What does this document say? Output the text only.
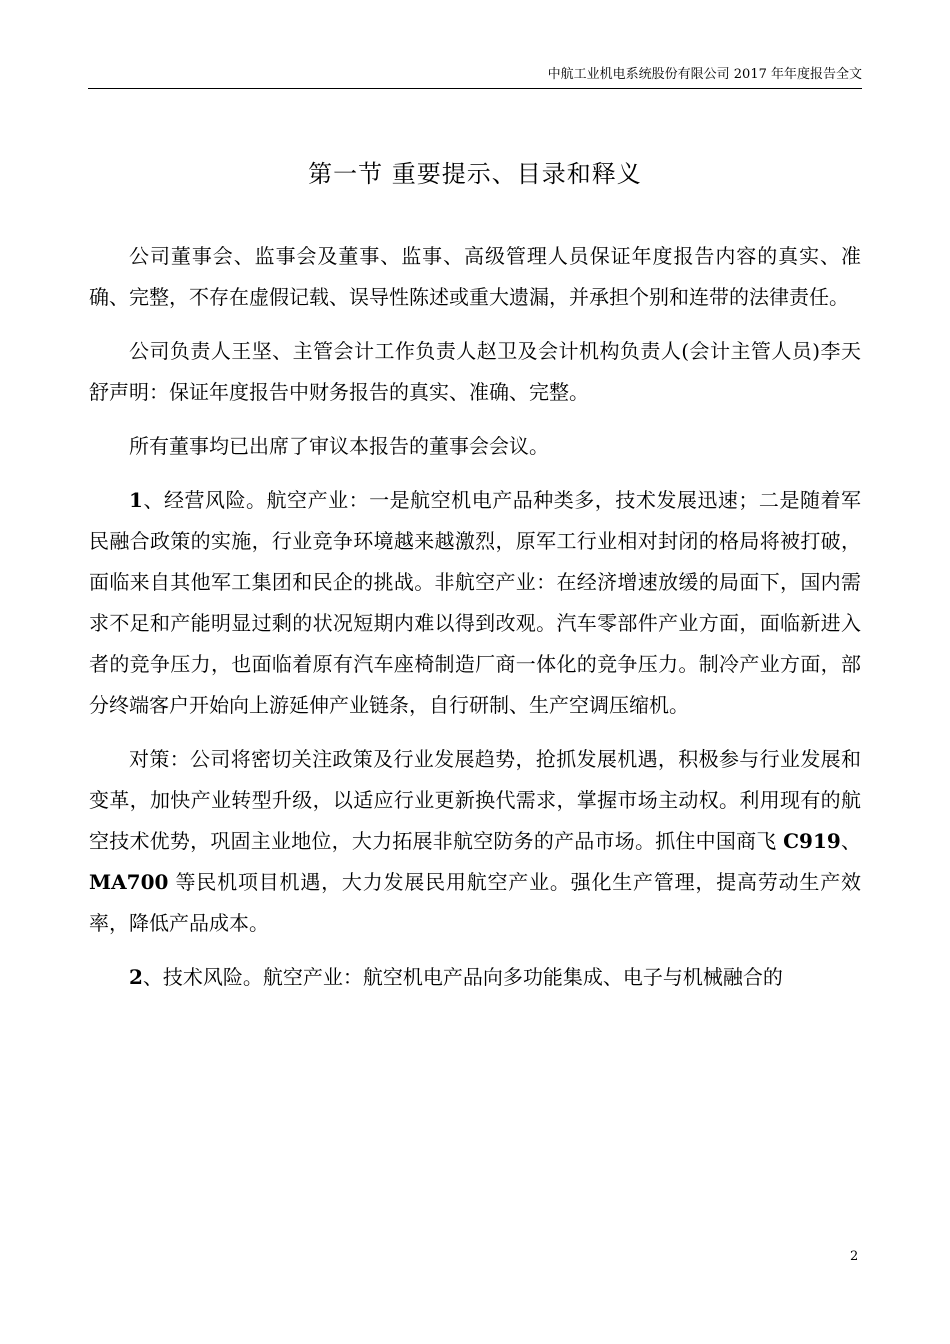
中航工业机电系统股份有限公司 2017 年年度报告全文
第一节 重要提示、目录和释义

公司董事会、监事会及董事、监事、高级管理人员保证年度报告内容的真实、准确、完整，不存在虚假记载、误导性陈述或重大遗漏，并承担个别和连带的法律责任。

公司负责人王坚、主管会计工作负责人赵卫及会计机构负责人(会计主管人员)李天舒声明：保证年度报告中财务报告的真实、准确、完整。

所有董事均已出席了审议本报告的董事会会议。

1、经营风险。航空产业：一是航空机电产品种类多，技术发展迅速；二是随着军民融合政策的实施，行业竞争环境越来越激烈，原军工行业相对封闭的格局将被打破，面临来自其他军工集团和民企的挑战。非航空产业：在经济增速放缓的局面下，国内需求不足和产能明显过剩的状况短期内难以得到改观。汽车零部件产业方面，面临新进入者的竞争压力，也面临着原有汽车座椅制造厂商一体化的竞争压力。制冷产业方面，部分终端客户开始向上游延伸产业链条，自行研制、生产空调压缩机。

对策：公司将密切关注政策及行业发展趋势，抢抓发展机遇，积极参与行业发展和变革，加快产业转型升级，以适应行业更新换代需求，掌握市场主动权。利用现有的航空技术优势，巩固主业地位，大力拓展非航空防务的产品市场。抓住中国商飞 C919、MA700 等民机项目机遇，大力发展民用航空产业。强化生产管理，提高劳动生产效率，降低产品成本。

2、技术风险。航空产业：航空机电产品向多功能集成、电子与机械融合的

2
